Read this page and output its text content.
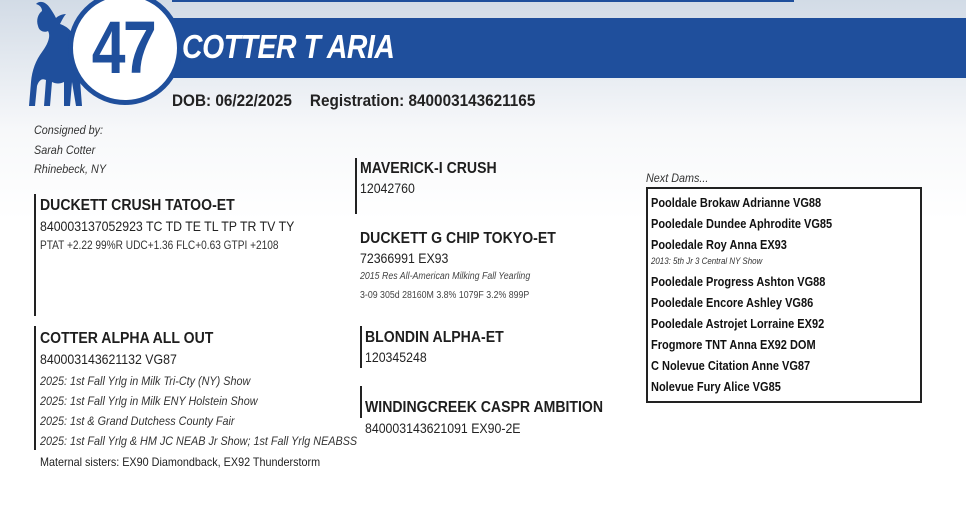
COTTER T ARIA
47
DOB: 06/22/2025 Registration: 840003143621165
Consigned by:
Sarah Cotter
Rhinebeck, NY
DUCKETT CRUSH TATOO-ET
840003137052923 TC TD TE TL TP TR TV TY
PTAT +2.22 99%R UDC+1.36 FLC+0.63 GTPI +2108
MAVERICK-I CRUSH
12042760
DUCKETT G CHIP TOKYO-ET
72366991 EX93
2015 Res All-American Milking Fall Yearling
3-09 305d 28160M 3.8% 1079F 3.2% 899P
COTTER ALPHA ALL OUT
840003143621132 VG87
2025: 1st Fall Yrlg in Milk Tri-Cty (NY) Show
2025: 1st Fall Yrlg in Milk ENY Holstein Show
2025: 1st & Grand Dutchess County Fair
2025: 1st Fall Yrlg & HM JC NEAB Jr Show; 1st Fall Yrlg NEABSS
Maternal sisters: EX90 Diamondback, EX92 Thunderstorm
BLONDIN ALPHA-ET
120345248
WINDINGCREEK CASPR AMBITION
840003143621091 EX90-2E
Next Dams...
Pooldale Brokaw Adrianne VG88
Pooledale Dundee Aphrodite VG85
Pooledale Roy Anna EX93
2013: 5th Jr 3 Central NY Show
Pooledale Progress Ashton VG88
Pooledale Encore Ashley VG86
Pooledale Astrojet Lorraine EX92
Frogmore TNT Anna EX92 DOM
C Nolevue Citation Anne VG87
Nolevue Fury Alice VG85
